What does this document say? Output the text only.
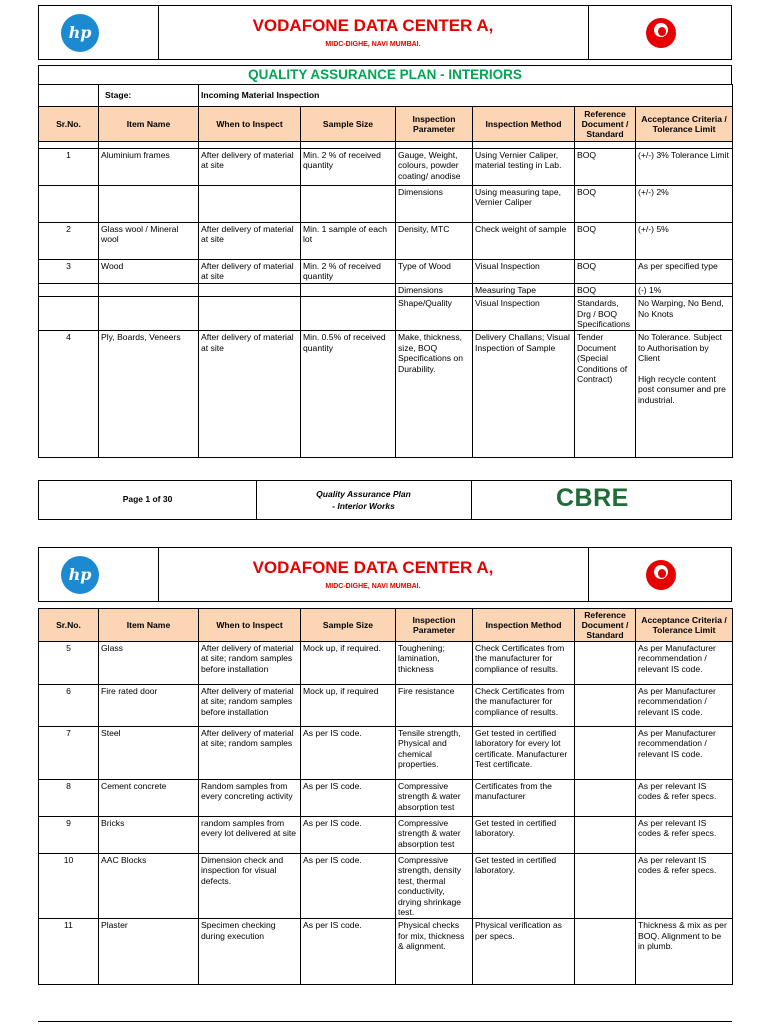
hp	VODAFONE DATA CENTER A,
MIDC-DIGHE, NAVI MUMBAI.
QUALITY ASSURANCE PLAN - INTERIORS
	Stage:	Incoming Material Inspection					
Sr.No.	Item Name	When to Inspect	Sample Size	Inspection Parameter	Inspection Method	Reference Document / Standard	Acceptance Criteria / Tolerance Limit

1	Aluminium frames	After delivery of material at site	Min. 2 % of received quantity	Gauge, Weight, colours, powder coating/ anodise	Using Vernier Caliper, material testing in Lab.	BOQ	(+/-) 3% Tolerance Limit
				Dimensions	Using measuring tape, Vernier Caliper	BOQ	(+/-) 2%
2	Glass wool / Mineral wool	After delivery of material at site	Min. 1 sample of each lot	Density, MTC	Check weight of sample	BOQ	(+/-) 5%
3	Wood	After delivery of material at site	Min. 2 % of received quantity	Type of Wood	Visual Inspection	BOQ	As per specified type
				Dimensions	Measuring Tape	BOQ	(-) 1%
				Shape/Quality	Visual Inspection	Standards, Drg / BOQ Specifications	No Warping, No Bend, No Knots
4	Ply, Boards, Veneers	After delivery of material at site	Min. 0.5% of received quantity	Make, thickness, size, BOQ Specifications on Durability.	Delivery Challans; Visual Inspection of Sample	Tender Document (Special Conditions of Contract)	No Tolerance. Subject to Authorisation by Client

High recycle content post consumer and pre industrial.
Page 1 of 30	Quality Assurance Plan
- Interior Works	CBRE
hp	VODAFONE DATA CENTER A,
MIDC-DIGHE, NAVI MUMBAI.
Sr.No.	Item Name	When to Inspect	Sample Size	Inspection Parameter	Inspection Method	Reference Document / Standard	Acceptance Criteria / Tolerance Limit
5	Glass	After delivery of material at site; random samples before installation	Mock up, if required.	Toughening; lamination, thickness	Check Certificates from the manufacturer for compliance of results.		As per Manufacturer recommendation / relevant IS code.
6	Fire rated door	After delivery of material at site; random samples before installation	Mock up, if required	Fire resistance	Check Certificates from the manufacturer for compliance of results.		As per Manufacturer recommendation / relevant IS code.
7	Steel	After delivery of material at site; random samples	As per IS code.	Tensile strength, Physical and chemical properties.	Get tested in certified laboratory for every lot certificate. Manufacturer Test certificate.		As per Manufacturer recommendation / relevant IS code.
8	Cement concrete	Random samples from every concreting activity	As per IS code.	Compressive strength & water absorption test	Certificates from the manufacturer		As per relevant IS codes & refer specs.
9	Bricks	random samples from every lot delivered at site	As per IS code.	Compressive strength & water absorption test	Get tested in certified laboratory.		As per relevant IS codes & refer specs.
10	AAC Blocks	Dimension check and inspection for visual defects.	As per IS code.	Compressive strength, density test, thermal conductivity, drying shrinkage test.	Get tested in certified laboratory.		As per relevant IS codes & refer specs.
11	Plaster	Specimen checking during execution	As per IS code.	Physical checks for mix, thickness & alignment.	Physical verification as per specs.		Thickness & mix as per BOQ. Alignment to be in plumb.
